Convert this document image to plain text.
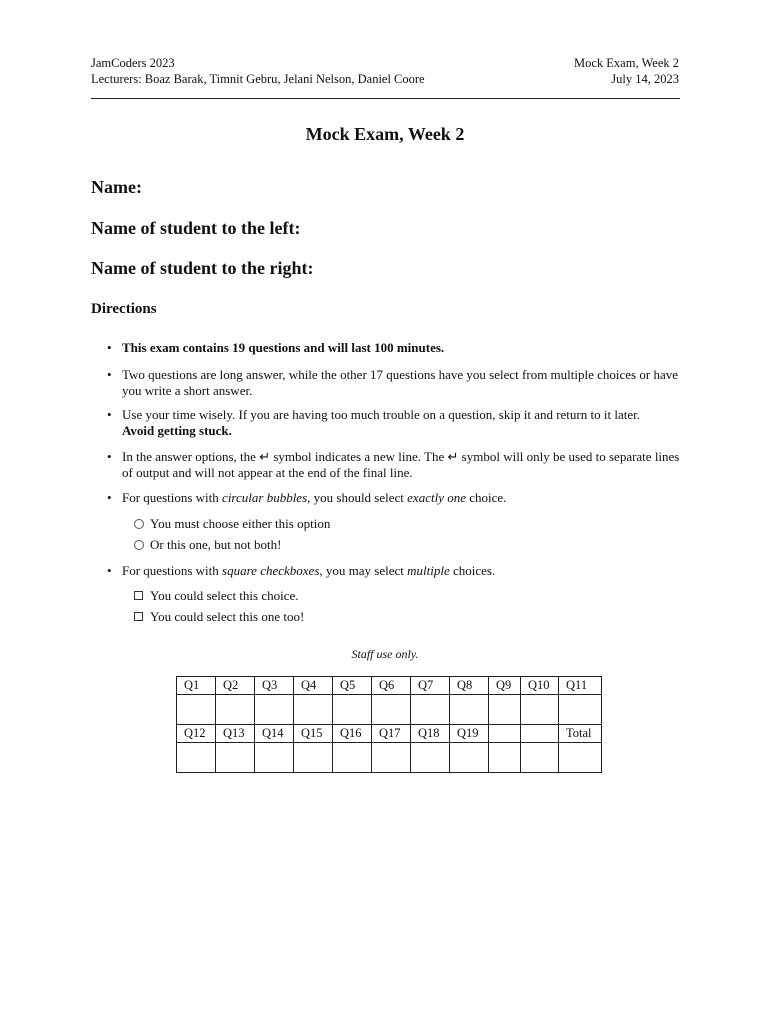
JamCoders 2023
Lecturers: Boaz Barak, Timnit Gebru, Jelani Nelson, Daniel Coore
Mock Exam, Week 2
July 14, 2023
Mock Exam, Week 2
Name:
Name of student to the left:
Name of student to the right:
Directions
• This exam contains 19 questions and will last 100 minutes.
• Two questions are long answer, while the other 17 questions have you select from multiple choices or have you write a short answer.
• Use your time wisely. If you are having too much trouble on a question, skip it and return to it later.
Avoid getting stuck.
• In the answer options, the ↵ symbol indicates a new line. The ↵ symbol will only be used to separate lines of output and will not appear at the end of the final line.
• For questions with circular bubbles, you should select exactly one choice.
• For questions with square checkboxes, you may select multiple choices.
You must choose either this option
Or this one, but not both!
You could select this choice.
You could select this one too!
Staff use only.
Q1	Q2	Q3	Q4	Q5	Q6	Q7	Q8	Q9	Q10	Q11

Q12	Q13	Q14	Q15	Q16	Q17	Q18	Q19			Total
